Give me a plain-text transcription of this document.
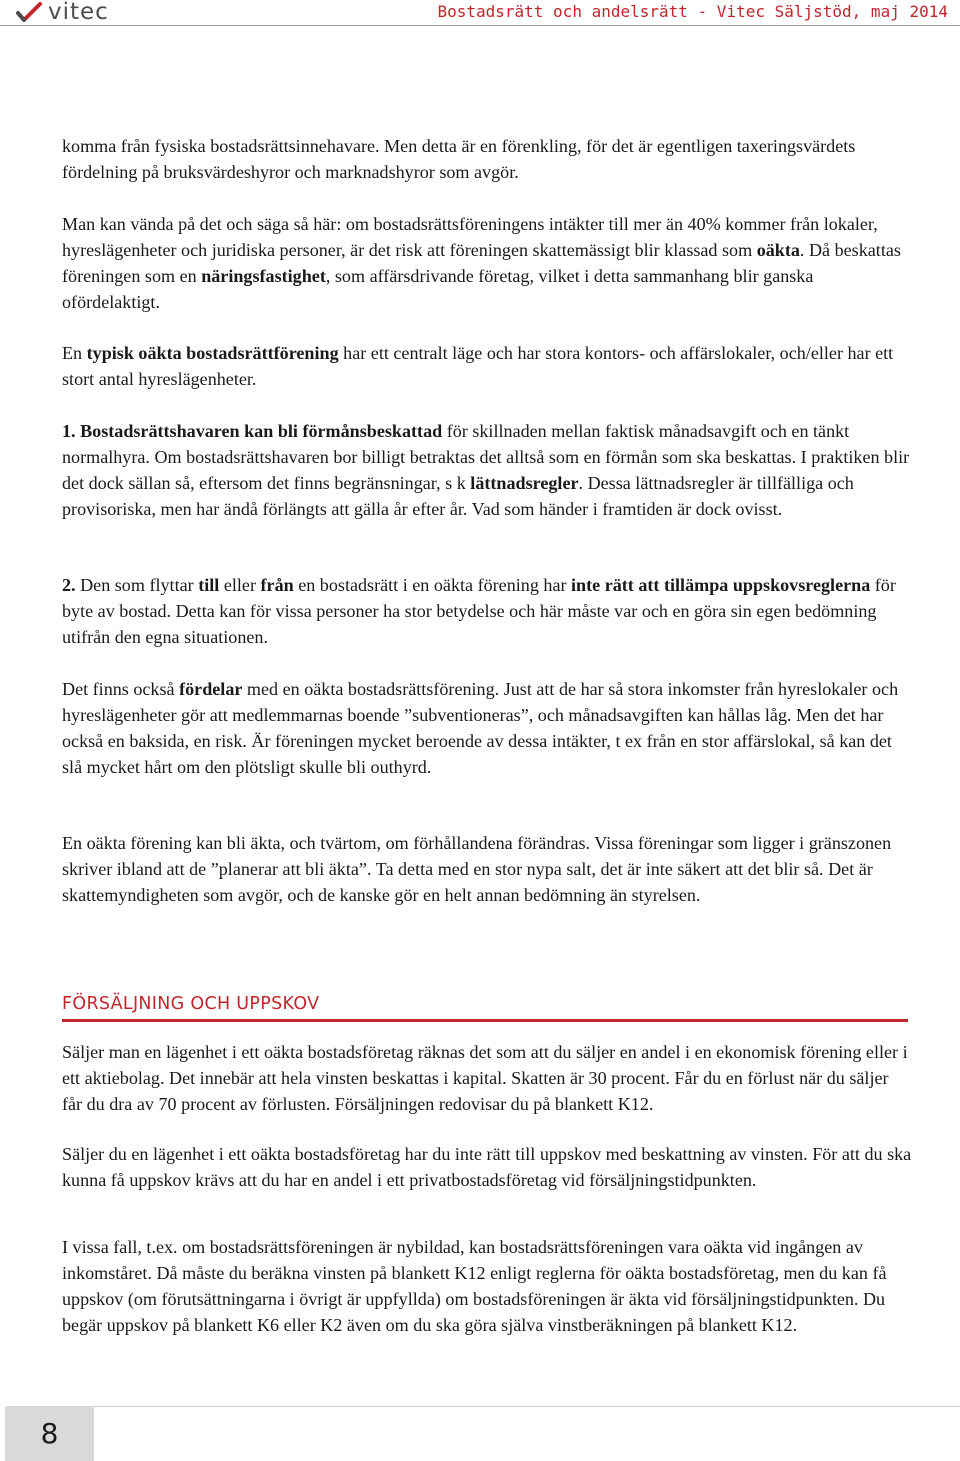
vitec	Bostadsrätt och andelsrätt - Vitec Säljstöd, maj 2014

komma från fysiska bostadsrättsinnehavare. Men detta är en förenkling, för det är egentligen taxeringsvärdets fördelning på bruksvärdeshyror och marknadshyror som avgör.

Man kan vända på det och säga så här: om bostadsrättsföreningens intäkter till mer än 40% kommer från lokaler, hyreslägenheter och juridiska personer, är det risk att föreningen skattemässigt blir klassad som oäkta. Då beskattas föreningen som en näringsfastighet, som affärsdrivande företag, vilket i detta sammanhang blir ganska ofördelaktigt.

En typisk oäkta bostadsrättförening har ett centralt läge och har stora kontors- och affärslokaler, och/eller har ett stort antal hyreslägenheter.

1. Bostadsrättshavaren kan bli förmånsbeskattad för skillnaden mellan faktisk månadsavgift och en tänkt normalhyra. Om bostadsrättshavaren bor billigt betraktas det alltså som en förmån som ska beskattas. I praktiken blir det dock sällan så, eftersom det finns begränsningar, s k lättnadsregler. Dessa lättnadsregler är tillfälliga och provisoriska, men har ändå förlängts att gälla år efter år. Vad som händer i framtiden är dock ovisst.

2. Den som flyttar till eller från en bostadsrätt i en oäkta förening har inte rätt att tillämpa uppskovsreglerna för byte av bostad. Detta kan för vissa personer ha stor betydelse och här måste var och en göra sin egen bedömning utifrån den egna situationen.

Det finns också fördelar med en oäkta bostadsrättsförening. Just att de har så stora inkomster från hyreslokaler och hyreslägenheter gör att medlemmarnas boende ”subventioneras”, och månadsavgiften kan hållas låg. Men det har också en baksida, en risk. Är föreningen mycket beroende av dessa intäkter, t ex från en stor affärslokal, så kan det slå mycket hårt om den plötsligt skulle bli outhyrd.

En oäkta förening kan bli äkta, och tvärtom, om förhållandena förändras. Vissa föreningar som ligger i gränszonen skriver ibland att de ”planerar att bli äkta”. Ta detta med en stor nypa salt, det är inte säkert att det blir så. Det är skattemyndigheten som avgör, och de kanske gör en helt annan bedömning än styrelsen.

Säljer man en lägenhet i ett oäkta bostadsföretag räknas det som att du säljer en andel i en ekonomisk förening eller i ett aktiebolag. Det innebär att hela vinsten beskattas i kapital. Skatten är 30 procent. Får du en förlust när du säljer får du dra av 70 procent av förlusten. Försäljningen redovisar du på blankett K12.

Säljer du en lägenhet i ett oäkta bostadsföretag har du inte rätt till uppskov med beskattning av vinsten. För att du ska kunna få uppskov krävs att du har en andel i ett privatbostadsföretag vid försäljningstidpunkten.

I vissa fall, t.ex. om bostadsrättsföreningen är nybildad, kan bostadsrättsföreningen vara oäkta vid ingången av inkomståret. Då måste du beräkna vinsten på blankett K12 enligt reglerna för oäkta bostadsföretag, men du kan få uppskov (om förutsättningarna i övrigt är uppfyllda) om bostadsföreningen är äkta vid försäljningstidpunkten. Du begär uppskov på blankett K6 eller K2 även om du ska göra själva vinstberäkningen på blankett K12.

FÖRSÄLJNING OCH UPPSKOV
8
